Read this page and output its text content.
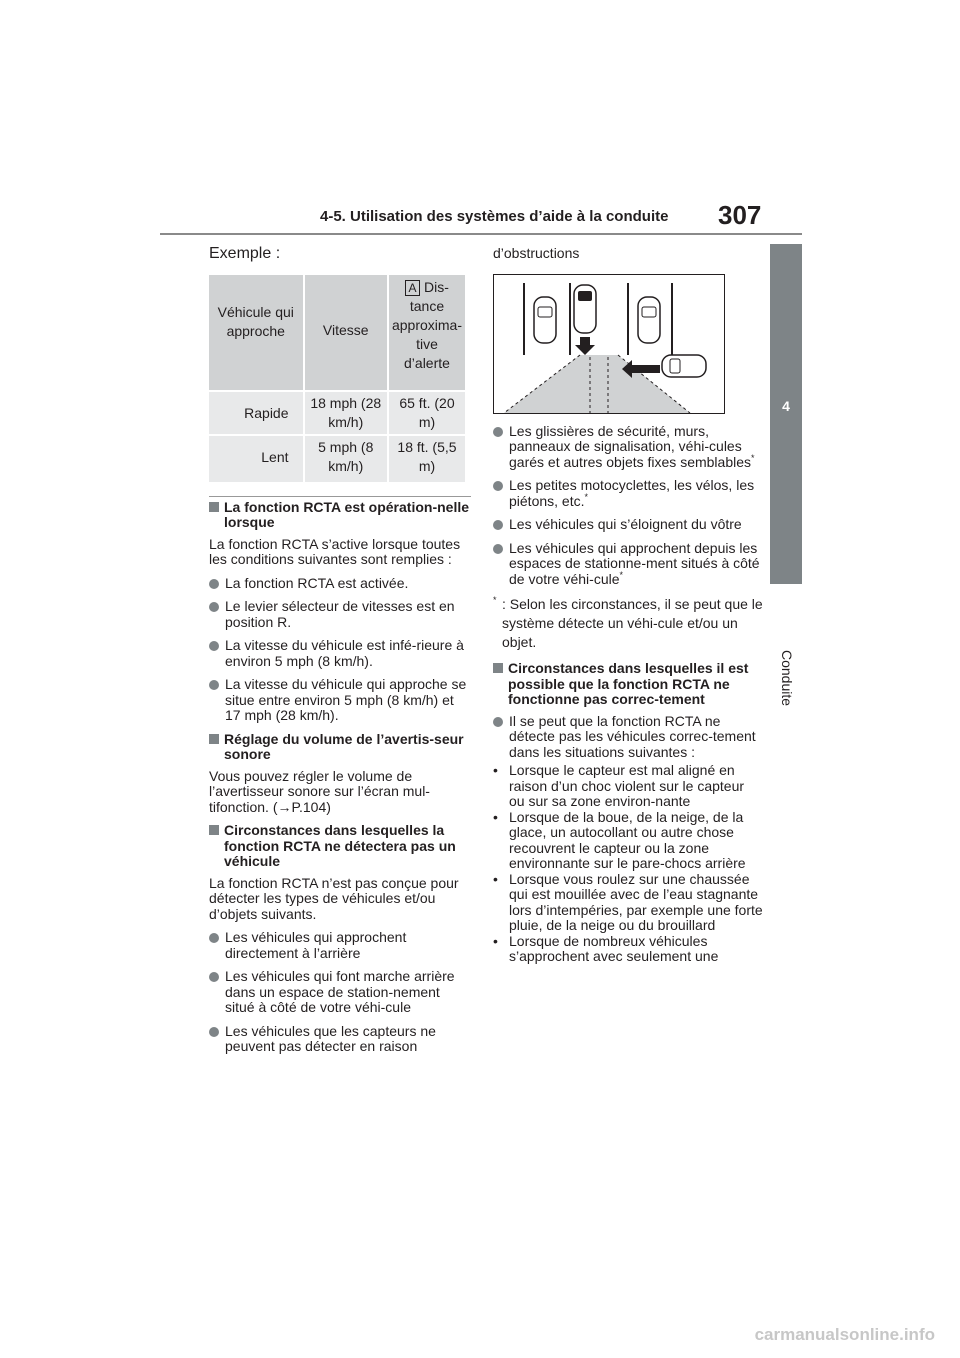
4-5. Utilisation des systèmes d’aide à la conduite	307
4
Conduite
Exemple :
Véhicule qui approche	Vitesse	A Dis-tance approxima-tive d’alerte
Rapide	18 mph (28 km/h)	65 ft. (20 m)
Lent	5 mph (8 km/h)	18 ft. (5,5 m)
La fonction RCTA est opération-nelle lorsque
La fonction RCTA s’active lorsque toutes les conditions suivantes sont remplies :
La fonction RCTA est activée.
Le levier sélecteur de vitesses est en position R.
La vitesse du véhicule est infé-rieure à environ 5 mph (8 km/h).
La vitesse du véhicule qui approche se situe entre environ 5 mph (8 km/h) et 17 mph (28 km/h).
Réglage du volume de l’avertis-seur sonore
Vous pouvez régler le volume de l’avertisseur sonore sur l’écran mul-tifonction. (→P.104)
Circonstances dans lesquelles la fonction RCTA ne détectera pas un véhicule
La fonction RCTA n’est pas conçue pour détecter les types de véhicules et/ou d’objets suivants.
Les véhicules qui approchent directement à l’arrière
Les véhicules qui font marche arrière dans un espace de station-nement situé à côté de votre véhi-cule
Les véhicules que les capteurs ne peuvent pas détecter en raison
d’obstructions
Les glissières de sécurité, murs, panneaux de signalisation, véhi-cules garés et autres objets fixes semblables*
Les petites motocyclettes, les vélos, les piétons, etc.*
Les véhicules qui s’éloignent du vôtre
Les véhicules qui approchent depuis les espaces de stationne-ment situés à côté de votre véhi-cule*
* : Selon les circonstances, il se peut que le système détecte un véhi-cule et/ou un objet.
Circonstances dans lesquelles il est possible que la fonction RCTA ne fonctionne pas correc-tement
Il se peut que la fonction RCTA ne détecte pas les véhicules correc-tement dans les situations suivantes :
• Lorsque le capteur est mal aligné en raison d’un choc violent sur le capteur ou sur sa zone environ-nante
• Lorsque de la boue, de la neige, de la glace, un autocollant ou autre chose recouvrent le capteur ou la zone environnante sur le pare-chocs arrière
• Lorsque vous roulez sur une chaussée qui est mouillée avec de l’eau stagnante lors d’intempéries, par exemple une forte pluie, de la neige ou du brouillard
• Lorsque de nombreux véhicules s’approchent avec seulement une
carmanualsonline.info
